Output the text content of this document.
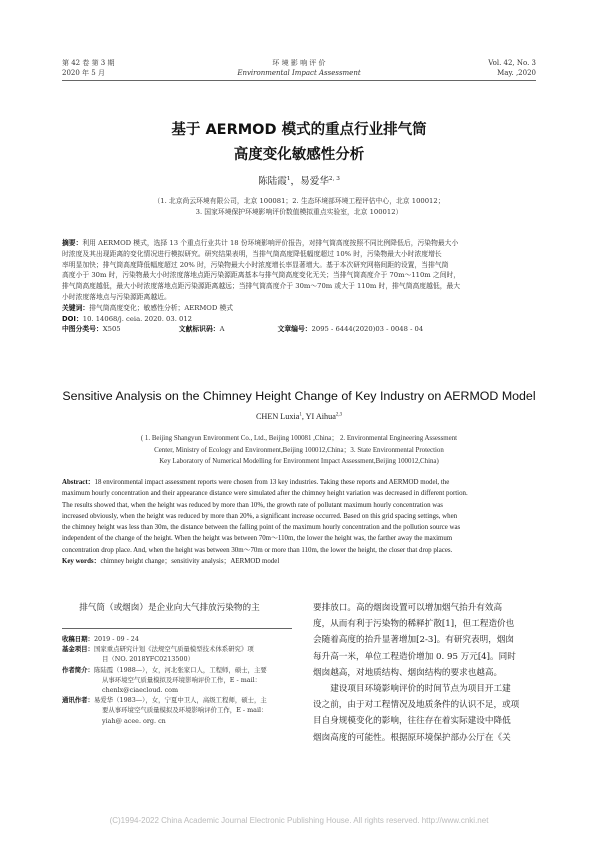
第 42 卷 第 3 期
2020 年 5 月
环 境 影 响 评 价
Environmental Impact Assessment
Vol. 42, No. 3
May. ,2020
基于 AERMOD 模式的重点行业排气筒
高度变化敏感性分析
陈陆霞$^1$，易爱华$^{2, 3}$
（1. 北京尚云环境有限公司，北京 100081；2. 生态环境部环境工程评估中心，北京 100012；
3. 国家环境保护环境影响评价数值模拟重点实验室，北京 100012）
摘要：利用 AERMOD 模式，选择 13 个重点行业共计 18 份环境影响评价报告，对排气筒高度按照不同比例降低后，污染物最大小
时浓度及其出现距离的变化情况进行模拟研究。研究结果表明，当排气筒高度降低幅度超过 10% 时，污染物最大小时浓度增长
率明显加快；排气筒高度降低幅度超过 20% 时，污染物最大小时浓度增长率显著增大。基于本次研究网格间距的设置，当排气筒
高度小于 30m 时，污染物最大小时浓度落地点距污染源距离基本与排气筒高度变化无关；当排气筒高度介于 70m～110m 之间时，
排气筒高度越低，最大小时浓度落地点距污染源距离越远；当排气筒高度介于 30m～70m 或大于 110m 时，排气筒高度越低，最大
小时浓度落地点与污染源距离越近。
关键词：排气筒高度变化；敏感性分析；AERMOD 模式
DOI：10. 14068/j. ceia. 2020. 03. 012
中图分类号：X505	文献标识码：A	文章编号：2095 - 6444(2020)03 - 0048 - 04
Sensitive Analysis on the Chimney Height Change of Key Industry on AERMOD Model
CHEN Luxia$^1$, YI Aihua$^{2,3}$
( 1. Beijing Shangyun Environment Co., Ltd., Beijing 100081 ,China； 2. Environmental Engineering Assessment
Center, Ministry of Ecology and Environment,Beijing 100012,China；3. State Environmental Protection
Key Laboratory of Numerical Modelling for Environment Impact Assessment,Beijing 100012,China)
Abstract：18 environmental impact assessment reports were chosen from 13 key industries. Taking these reports and AERMOD model, the
maximum hourly concentration and their appearance distance were simulated after the chimney height variation was decreased in different portion.
The results showed that, when the height was reduced by more than 10%, the growth rate of pollutant maximum hourly concentration was
increased obviously, when the height was reduced by more than 20%, a significant increase occurred. Based on this grid spacing settings, when
the chimney height was less than 30m, the distance between the falling point of the maximum hourly concentration and the pollution source was
independent of the change of the height. When the height was between 70m～110m, the lower the height was, the farther away the maximum
concentration drop place. And, when the height was between 30m～70m or more than 110m, the lower the height, the closer that drop places.
Key words：chimney height change；sensitivity analysis；AERMOD model
排气筒（或烟囱）是企业向大气排放污染物的主
收稿日期：2019 - 09 - 24
基金项目：国家重点研究计划《法规空气质量模型技术体系研究》项
目（NO. 2018YFC0213500）
作者简介：陈陆霞（1988—），女，河北张家口人，工程师，硕士，主要
从事环境空气质量模拟及环境影响评价工作，E - mail：
chenlx@ciaecloud. com
通讯作者：易爱华（1983—），女，宁夏中卫人，高级工程师，硕士，主
要从事环境空气质量模拟及环境影响评价工作，E - mail：
yiah@ acee. org. cn
要排放口。高的烟囱设置可以增加烟气抬升有效高
度，从而有利于污染物的稀释扩散[1]，但工程造价也
会随着高度的抬升显著增加[2-3]。有研究表明，烟囱
每升高一米，单位工程造价增加 0. 95 万元[4]。同时
烟囱越高，对地质结构、烟囱结构的要求也越高。
建设项目环境影响评价的时间节点为项目开工建
设之前，由于对工程情况及地质条件的认识不足，或项
目自身规模变化的影响，往往存在着实际建设中降低
烟囱高度的可能性。根据原环境保护部办公厅在《关
(C)1994-2022 China Academic Journal Electronic Publishing House. All rights reserved. http://www.cnki.net
